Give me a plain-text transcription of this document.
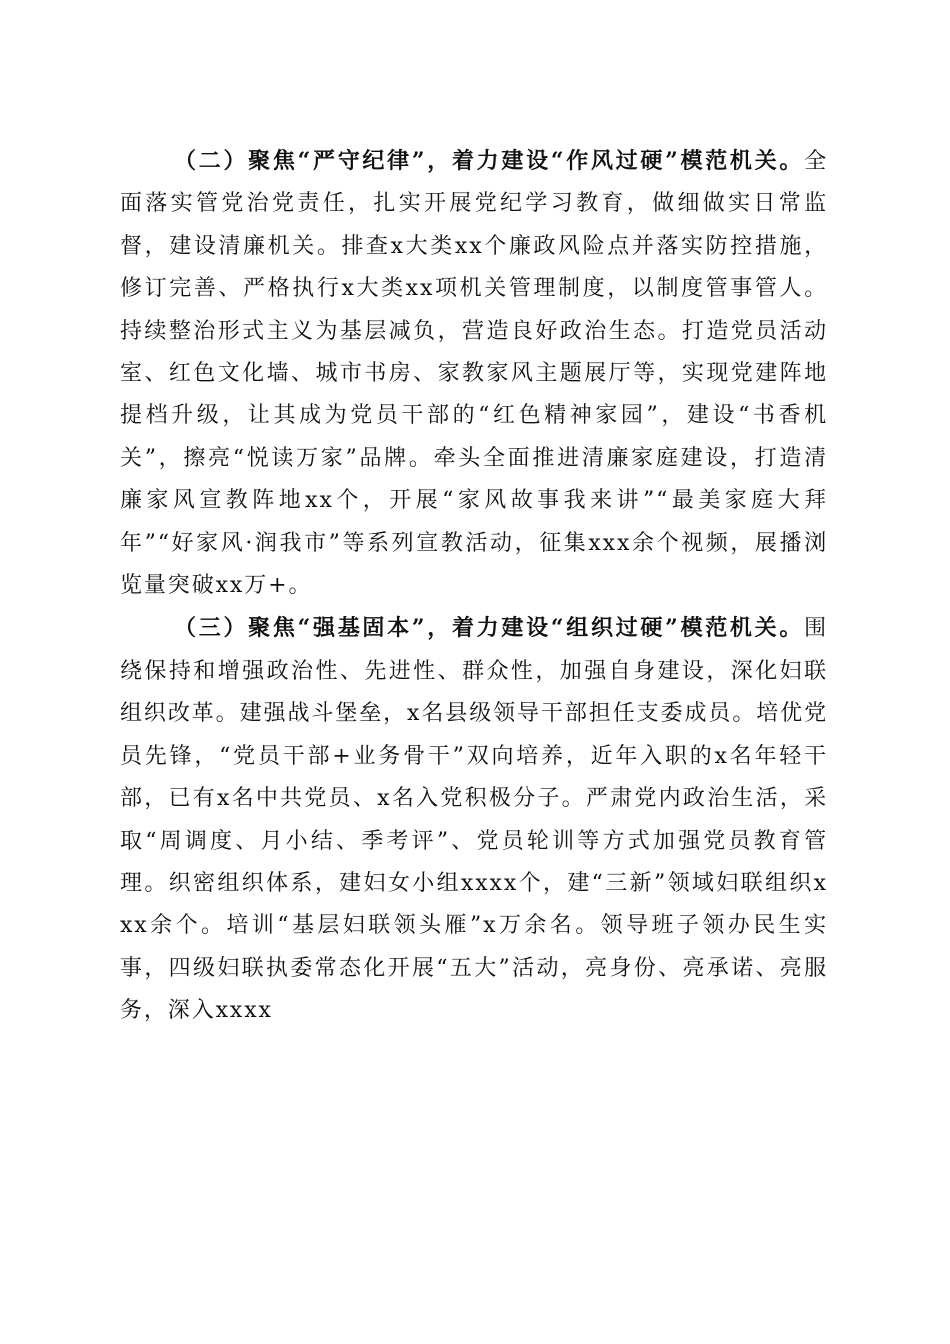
（二）聚焦“严守纪律”，着力建设“作风过硬”模范机关。全面落实管党治党责任，扎实开展党纪学习教育，做细做实日常监督，建设清廉机关。排查x大类xx个廉政风险点并落实防控措施，修订完善、严格执行x大类xx项机关管理制度，以制度管事管人。持续整治形式主义为基层减负，营造良好政治生态。打造党员活动室、红色文化墙、城市书房、家教家风主题展厅等，实现党建阵地提档升级，让其成为党员干部的“红色精神家园”，建设“书香机关”，擦亮“悦读万家”品牌。牵头全面推进清廉家庭建设，打造清廉家风宣教阵地xx个，开展“家风故事我来讲”“最美家庭大拜年”“好家风·润我市”等系列宣教活动，征集xxx余个视频，展播浏览量突破xx万+。

（三）聚焦“强基固本”，着力建设“组织过硬”模范机关。围绕保持和增强政治性、先进性、群众性，加强自身建设，深化妇联组织改革。建强战斗堡垒，x名县级领导干部担任支委成员。培优党员先锋，“党员干部+业务骨干”双向培养，近年入职的x名年轻干部，已有x名中共党员、x名入党积极分子。严肃党内政治生活，采取“周调度、月小结、季考评”、党员轮训等方式加强党员教育管理。织密组织体系，建妇女小组xxxx个，建“三新”领域妇联组织xxx余个。培训“基层妇联领头雁”x万余名。领导班子领办民生实事，四级妇联执委常态化开展“五大”活动，亮身份、亮承诺、亮服务，深入xxxx
